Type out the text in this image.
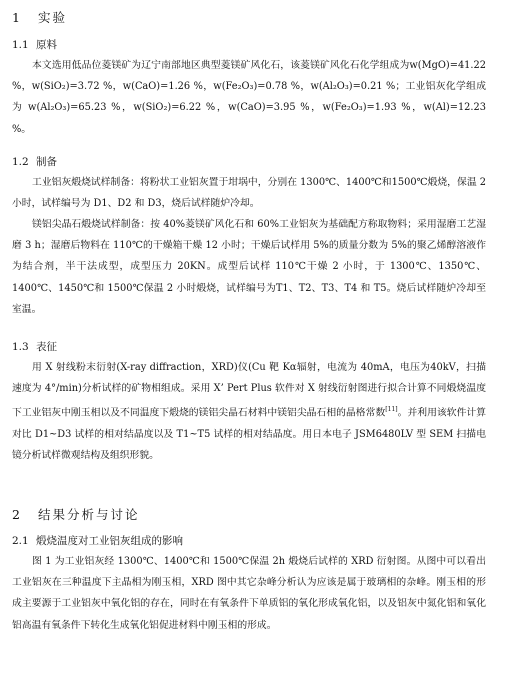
1 实验
1.1 原料

本文选用低品位菱镁矿为辽宁南部地区典型菱镁矿风化石，该菱镁矿风化石化学组成为w(MgO)=41.22 %，w(SiO₂)=3.72 %，w(CaO)=1.26 %，w(Fe₂O₃)=0.78 %，w(Al₂O₃)=0.21 %；工业铝灰化学组成为 w(Al₂O₃)=65.23 %，w(SiO₂)=6.22 %，w(CaO)=3.95 %，w(Fe₂O₃)=1.93 %，w(Al)=12.23 %。

1.2 制备

工业铝灰煅烧试样制备：将粉状工业铝灰置于坩埚中，分别在 1300℃、1400℃和1500℃煅烧，保温 2 小时，试样编号为 D1、D2 和 D3，烧后试样随炉冷却。

镁铝尖晶石煅烧试样制备：按 40%菱镁矿风化石和 60%工业铝灰为基础配方称取物料；采用湿磨工艺湿磨 3 h；湿磨后物料在 110℃的干燥箱干燥 12 小时；干燥后试样用 5%的质量分数为 5%的聚乙烯醇溶液作为结合剂，半干法成型，成型压力 20KN。成型后试样 110℃干燥 2 小时，于 1300℃、1350℃、1400℃、1450℃和 1500℃保温 2 小时煅烧，试样编号为T1、T2、T3、T4 和 T5。烧后试样随炉冷却至室温。

1.3 表征

用 X 射线粉末衍射(X-ray diffraction，XRD)仪(Cu 靶 Kα辐射，电流为 40mA，电压为40kV，扫描速度为 4°/min)分析试样的矿物相组成。采用 X’ Pert Plus 软件对 X 射线衍射图进行拟合计算不同煅烧温度下工业铝灰中刚玉相以及不同温度下煅烧的镁铝尖晶石材料中镁铝尖晶石相的晶格常数[11]。并利用该软件计算对比 D1~D3 试样的相对结晶度以及 T1~T5 试样的相对结晶度。用日本电子 JSM6480LV 型 SEM 扫描电镜分析试样微观结构及组织形貌。

2 结果分析与讨论
2.1 煅烧温度对工业铝灰组成的影响

图 1 为工业铝灰经 1300℃、1400℃和 1500℃保温 2h 煅烧后试样的 XRD 衍射图。从图中可以看出工业铝灰在三种温度下主晶相为刚玉相，XRD 图中其它杂峰分析认为应该是属于玻璃相的杂峰。刚玉相的形成主要源于工业铝灰中氧化铝的存在，同时在有氧条件下单质铝的氧化形成氧化铝，以及铝灰中氮化铝和氧化铝高温有氧条件下转化生成氧化铝促进材料中刚玉相的形成。
